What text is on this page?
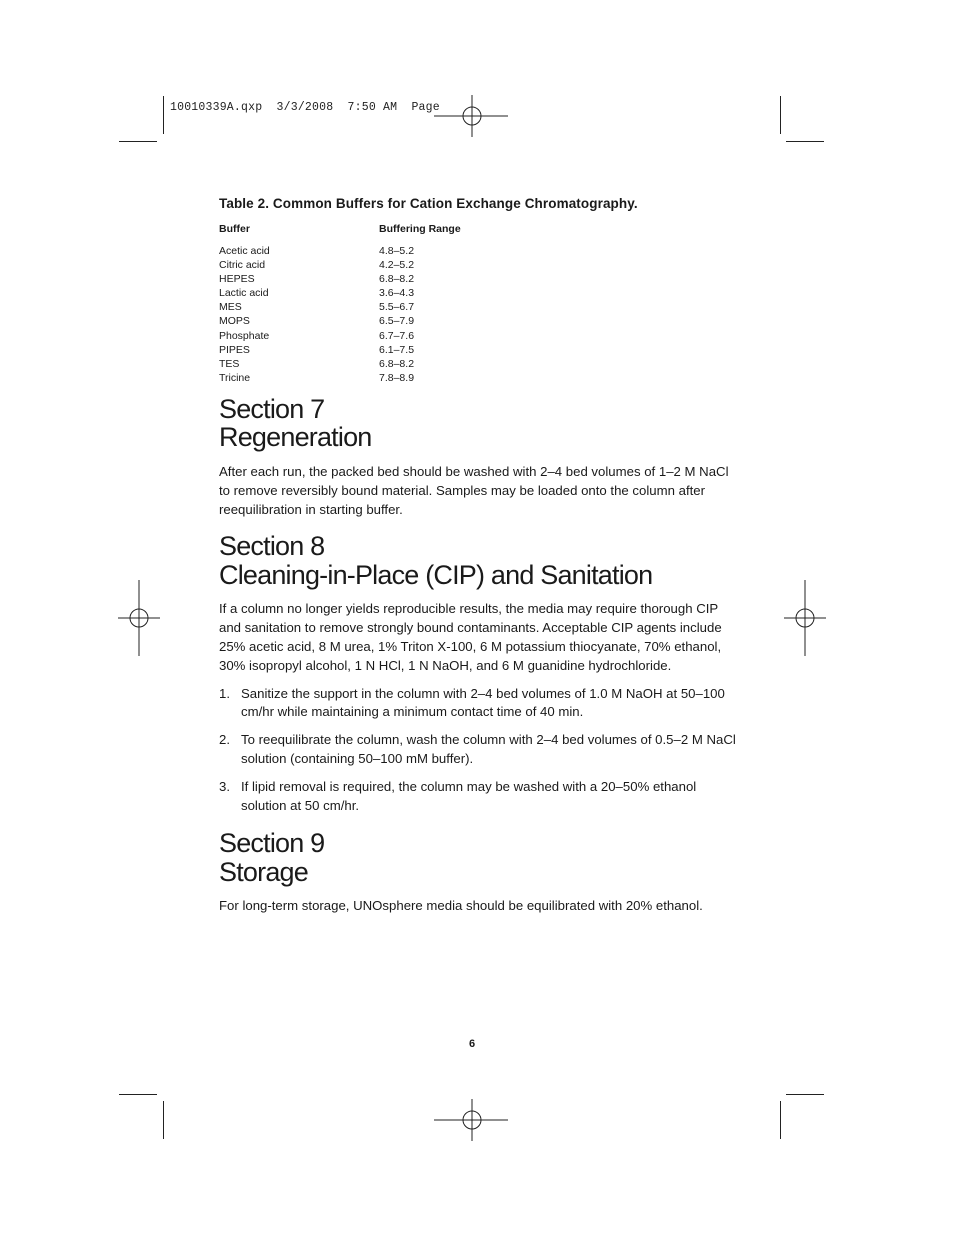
10010339A.qxp  3/3/2008  7:50 AM  Page

Table 2. Common Buffers for Cation Exchange Chromatography.

Buffer	Buffering Range
Acetic acid	4.8–5.2
Citric acid	4.2–5.2
HEPES	6.8–8.2
Lactic acid	3.6–4.3
MES	5.5–6.7
MOPS	6.5–7.9
Phosphate	6.7–7.6
PIPES	6.1–7.5
TES	6.8–8.2
Tricine	7.8–8.9
Section 7
Regeneration

After each run, the packed bed should be washed with 2–4 bed volumes of 1–2 M NaCl to remove reversibly bound material. Samples may be loaded onto the column after reequilibration in starting buffer.

Section 8
Cleaning-in-Place (CIP) and Sanitation

If a column no longer yields reproducible results, the media may require thorough CIP and sanitation to remove strongly bound contaminants. Acceptable CIP agents include 25% acetic acid, 8 M urea, 1% Triton X-100, 6 M potassium thiocyanate, 70% ethanol, 30% isopropyl alcohol, 1 N HCl, 1 N NaOH, and 6 M guanidine hydrochloride.

1. Sanitize the support in the column with 2–4 bed volumes of 1.0 M NaOH at 50–100 cm/hr while maintaining a minimum contact time of 40 min.
2. To reequilibrate the column, wash the column with 2–4 bed volumes of 0.5–2 M NaCl solution (containing 50–100 mM buffer).
3. If lipid removal is required, the column may be washed with a 20–50% ethanol solution at 50 cm/hr.
Section 9
Storage

For long-term storage, UNOsphere media should be equilibrated with 20% ethanol.

6
